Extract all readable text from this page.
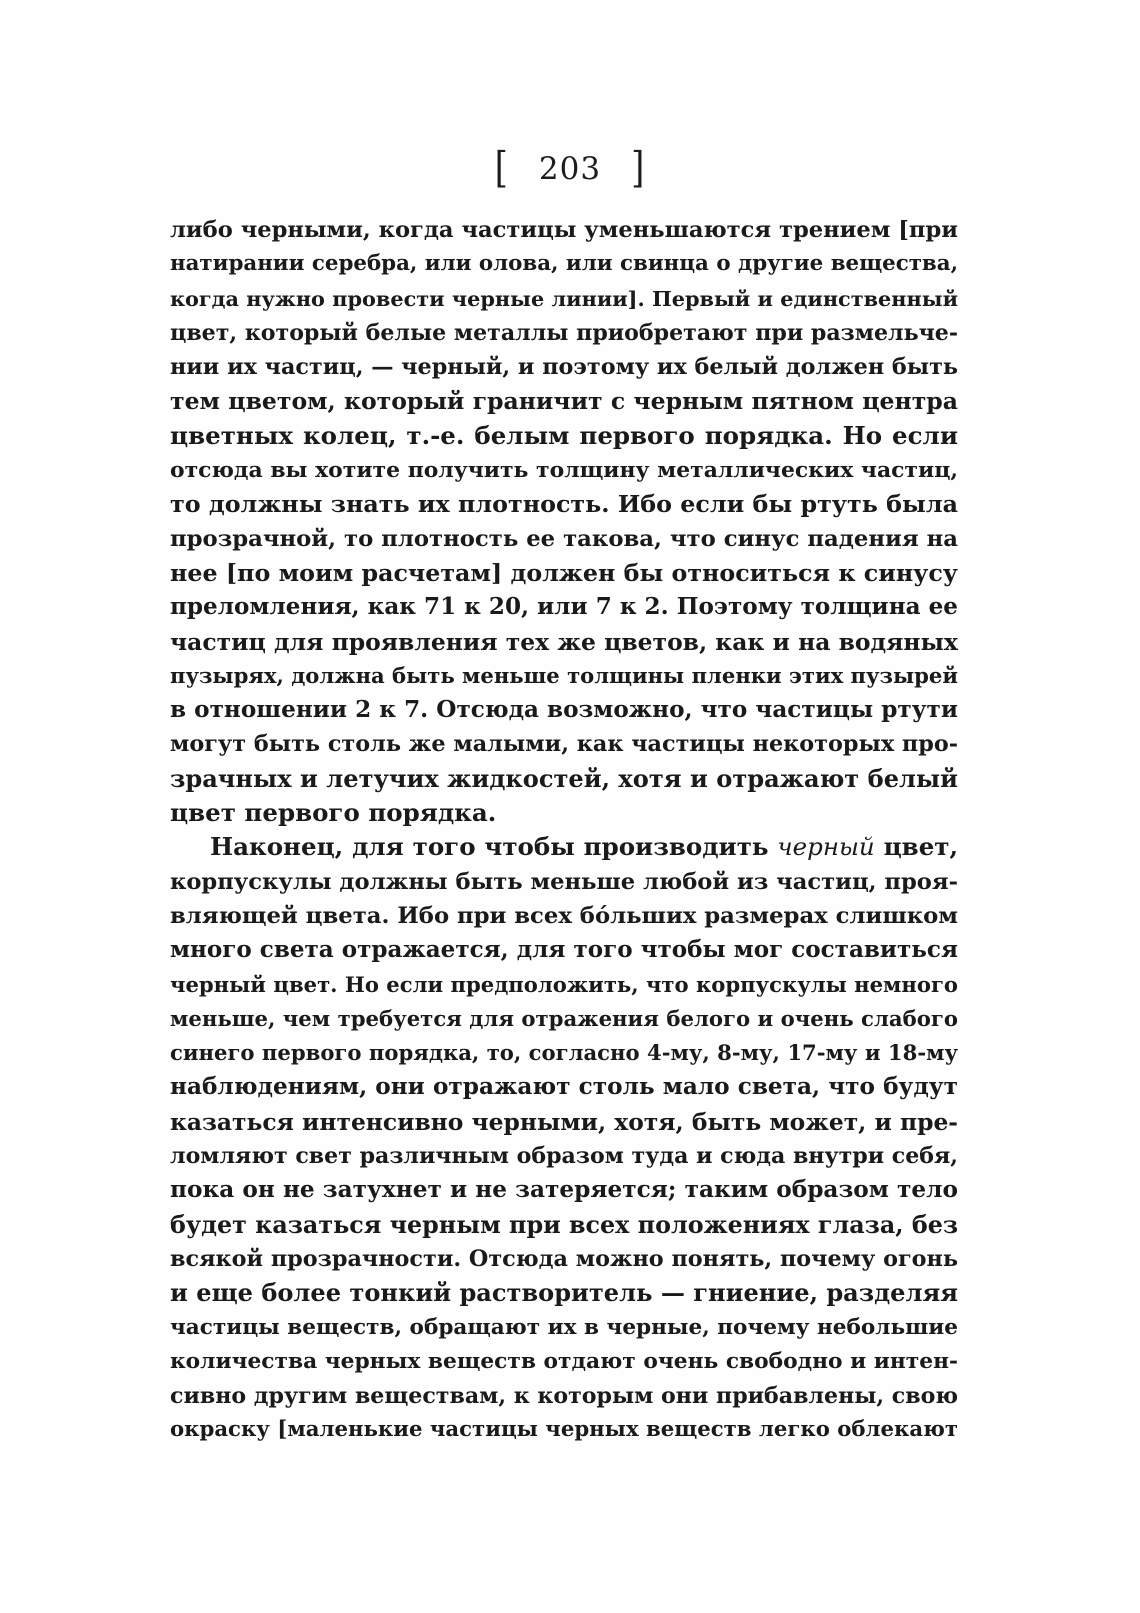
[ 203 ]
либо черными, когда частицы уменьшаются трением [при
натирании серебра, или олова, или свинца о другие вещества,
когда нужно провести черные линии]. Первый и единственный
цвет, который белые металлы приобретают при размельче-
нии их частиц, — черный, и поэтому их белый должен быть
тем цветом, который граничит с черным пятном центра
цветных колец, т.-е. белым первого порядка. Но если
отсюда вы хотите получить толщину металлических частиц,
то должны знать их плотность. Ибо если бы ртуть была
прозрачной, то плотность ее такова, что синус падения на
нее [по моим расчетам] должен бы относиться к синусу
преломления, как 71 к 20, или 7 к 2. Поэтому толщина ее
частиц для проявления тех же цветов, как и на водяных
пузырях, должна быть меньше толщины пленки этих пузырей
в отношении 2 к 7. Отсюда возможно, что частицы ртути
могут быть столь же малыми, как частицы некоторых про-
зрачных и летучих жидкостей, хотя и отражают белый
цвет первого порядка.
Наконец, для того чтобы производить черный цвет,
корпускулы должны быть меньше любой из частиц, проя-
вляющей цвета. Ибо при всех бóльших размерах слишком
много света отражается, для того чтобы мог составиться
черный цвет. Но если предположить, что корпускулы немного
меньше, чем требуется для отражения белого и очень слабого
синего первого порядка, то, согласно 4-му, 8-му, 17-му и 18-му
наблюдениям, они отражают столь мало света, что будут
казаться интенсивно черными, хотя, быть может, и пре-
ломляют свет различным образом туда и сюда внутри себя,
пока он не затухнет и не затеряется; таким образом тело
будет казаться черным при всех положениях глаза, без
всякой прозрачности. Отсюда можно понять, почему огонь
и еще более тонкий растворитель — гниение, разделяя
частицы веществ, обращают их в черные, почему небольшие
количества черных веществ отдают очень свободно и интен-
сивно другим веществам, к которым они прибавлены, свою
окраску [маленькие частицы черных веществ легко облекают
